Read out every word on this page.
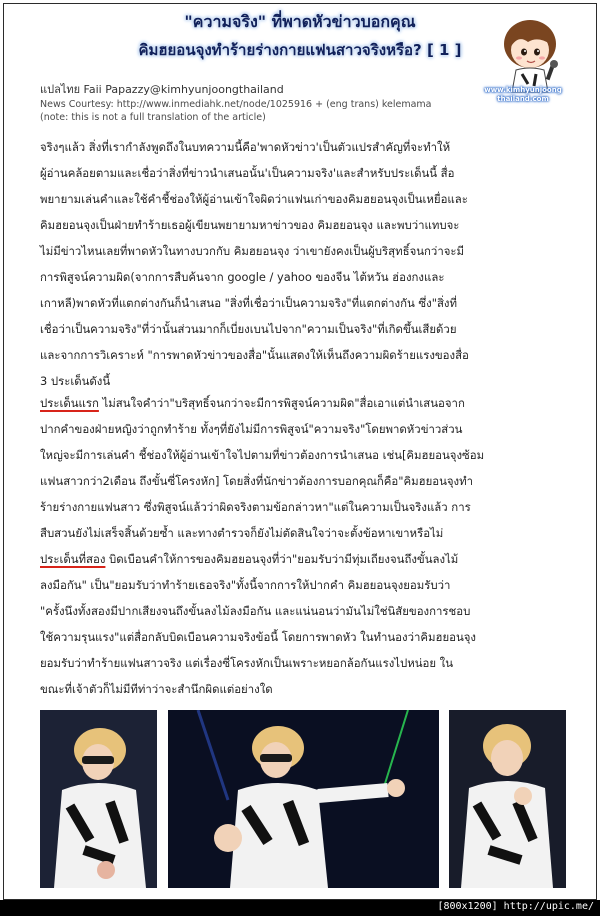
"ความจริง" ที่พาดหัวข่าวบอกคุณ
คิมฮยอนจุงทำร้ายร่างกายแฟนสาวจริงหรือ? [ 1 ]
www.kimhyunjoong
thailand.com
แปลไทย Faii Papazzy@kimhyunjoongthailand
News Courtesy: http://www.inmediahk.net/node/1025916 + (eng trans) kelemama
(note: this is not a full translation of the article)

จริงๆแล้ว สิ่งที่เรากำลังพูดถึงในบทความนี้คือ'พาดหัวข่าว'เป็นตัวแปรสำคัญที่จะทำให้

ผู้อ่านคล้อยตามและเชื่อว่าสิ่งที่ข่าวนำเสนอนั้น'เป็นความจริง'และสำหรับประเด็นนี้ สื่อ

พยายามเล่นคำและใช้คำชี้ช่องให้ผู้อ่านเข้าใจผิดว่าแฟนเก่าของคิมฮยอนจุงเป็นเหยื่อและ

คิมฮยอนจุงเป็นฝ่ายทำร้ายเธอผู้เขียนพยายามหาข่าวของ คิมฮยอนจุง และพบว่าแทบจะ

ไม่มีข่าวไหนเลยที่พาดหัวในทางบวกกับ คิมฮยอนจุง ว่าเขายังคงเป็นผู้บริสุทธิ์จนกว่าจะมี

การพิสูจน์ความผิด(จากการสืบค้นจาก google / yahoo ของจีน ไต้หวัน ฮ่องกงและ

เกาหลี)พาดหัวที่แตกต่างกันก็นำเสนอ "สิ่งที่เชื่อว่าเป็นความจริง"ที่แตกต่างกัน ซึ่ง"สิ่งที่

เชื่อว่าเป็นความจริง"ที่ว่านั้นส่วนมากก็เบี่ยงเบนไปจาก"ความเป็นจริง"ที่เกิดขึ้นเสียด้วย

และจากการวิเคราะห์ "การพาดหัวข่าวของสื่อ"นั้นแสดงให้เห็นถึงความผิดร้ายแรงของสื่อ

3 ประเด็นดังนี้

ประเด็นแรก ไม่สนใจคำว่า"บริสุทธิ์จนกว่าจะมีการพิสูจน์ความผิด"สื่อเอาแต่นำเสนอจาก

ปากคำของฝ่ายหญิงว่าถูกทำร้าย ทั้งๆที่ยังไม่มีการพิสูจน์"ความจริง"โดยพาดหัวข่าวส่วน

ใหญ่จะมีการเล่นคำ ชี้ช่องให้ผู้อ่านเข้าใจไปตามที่ข่าวต้องการนำเสนอ เช่น[คิมฮยอนจุงซ้อม

แฟนสาวกว่า2เดือน ถึงขั้นซี่โครงหัก] โดยสิ่งที่นักข่าวต้องการบอกคุณก็คือ"คิมฮยอนจุงทำ

ร้ายร่างกายแฟนสาว ซึ่งพิสูจน์แล้วว่าผิดจริงตามข้อกล่าวหา"แต่ในความเป็นจริงแล้ว การ

สืบสวนยังไม่เสร็จสิ้นด้วยซ้ำ และทางตำรวจก็ยังไม่ตัดสินใจว่าจะตั้งข้อหาเขาหรือไม่

ประเด็นที่สอง บิดเบือนคำให้การของคิมฮยอนจุงที่ว่า"ยอมรับว่ามีทุ่มเถียงจนถึงขั้นลงไม้

ลงมือกัน" เป็น"ยอมรับว่าทำร้ายเธอจริง"ทั้งนี้จากการให้ปากคำ คิมฮยอนจุงยอมรับว่า

"ครั้งนึงทั้งสองมีปากเสียงจนถึงขั้นลงไม้ลงมือกัน และแน่นอนว่ามันไม่ใช่นิสัยของการชอบ

ใช้ความรุนแรง"แต่สื่อกลับบิดเบือนความจริงข้อนี้ โดยการพาดหัว ในทำนองว่าคิมฮยอนจุง

ยอมรับว่าทำร้ายแฟนสาวจริง แต่เรื่องซี่โครงหักเป็นเพราะหยอกล้อกันแรงไปหน่อย ใน

ขณะที่เจ้าตัวก็ไม่มีทีท่าว่าจะสำนึกผิดแต่อย่างใด

[800x1200] http://upic.me/
